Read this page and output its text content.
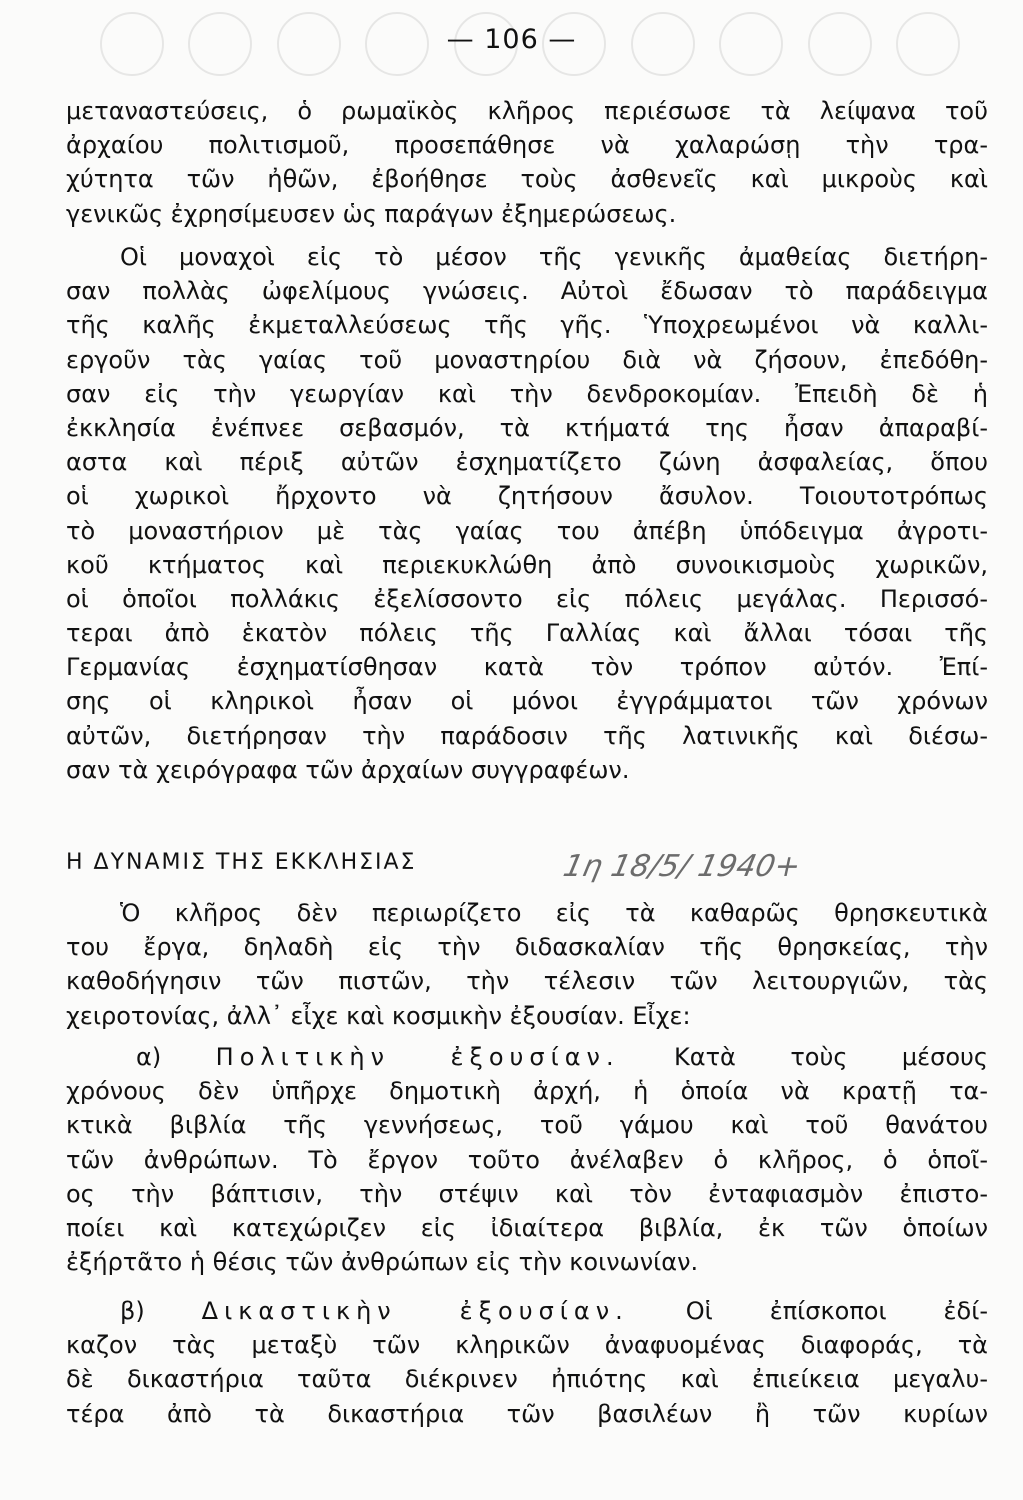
— 106 —
μεταναστεύσεις, ὁ ρωμαϊκὸς κλῆρος περιέσωσε τὰ λείψανα τοῦ
ἀρχαίου πολιτισμοῦ, προσεπάθησε νὰ χαλαρώσῃ τὴν τρα-
χύτητα τῶν ἠθῶν, ἐβοήθησε τοὺς ἀσθενεῖς καὶ μικροὺς καὶ
γενικῶς ἐχρησίμευσεν ὡς παράγων ἐξημερώσεως.
Οἱ μοναχοὶ εἰς τὸ μέσον τῆς γενικῆς ἀμαθείας διετήρη-
σαν πολλὰς ὠφελίμους γνώσεις. Αὐτοὶ ἔδωσαν τὸ παράδειγμα
τῆς καλῆς ἐκμεταλλεύσεως τῆς γῆς. Ὑποχρεωμένοι νὰ καλλι-
εργοῦν τὰς γαίας τοῦ μοναστηρίου διὰ νὰ ζήσουν, ἐπεδόθη-
σαν εἰς τὴν γεωργίαν καὶ τὴν δενδροκομίαν. Ἐπειδὴ δὲ ἡ
ἐκκλησία ἐνέπνεε σεβασμόν, τὰ κτήματά της ἦσαν ἀπαραβί-
αστα καὶ πέριξ αὐτῶν ἐσχηματίζετο ζώνη ἀσφαλείας, ὅπου
οἱ χωρικοὶ ἤρχοντο νὰ ζητήσουν ἄσυλον. Τοιουτοτρόπως
τὸ μοναστήριον μὲ τὰς γαίας του ἀπέβη ὑπόδειγμα ἀγροτι-
κοῦ κτήματος καὶ περιεκυκλώθη ἀπὸ συνοικισμοὺς χωρικῶν,
οἱ ὁποῖοι πολλάκις ἐξελίσσοντο εἰς πόλεις μεγάλας. Περισσό-
τεραι ἀπὸ ἑκατὸν πόλεις τῆς Γαλλίας καὶ ἄλλαι τόσαι τῆς
Γερμανίας ἐσχηματίσθησαν κατὰ τὸν τρόπον αὐτόν. Ἐπί-
σης οἱ κληρικοὶ ἦσαν οἱ μόνοι ἐγγράμματοι τῶν χρόνων
αὐτῶν, διετήρησαν τὴν παράδοσιν τῆς λατινικῆς καὶ διέσω-
σαν τὰ χειρόγραφα τῶν ἀρχαίων συγγραφέων.
Η ΔΥΝΑΜΙΣ ΤΗΣ ΕΚΚΛΗΣΙΑΣ	1η 18/5/ 1940+
Ὁ κλῆρος δὲν περιωρίζετο εἰς τὰ καθαρῶς θρησκευτικὰ
του ἔργα, δηλαδὴ εἰς τὴν διδασκαλίαν τῆς θρησκείας, τὴν
καθοδήγησιν τῶν πιστῶν, τὴν τέλεσιν τῶν λειτουργιῶν, τὰς
χειροτονίας, ἀλλ᾿ εἶχε καὶ κοσμικὴν ἐξουσίαν. Εἶχε:
α) Πολιτικὴν ἐξουσίαν. Κατὰ τοὺς μέσους
χρόνους δὲν ὑπῆρχε δημοτικὴ ἀρχή, ἡ ὁποία νὰ κρατῇ τα-
κτικὰ βιβλία τῆς γεννήσεως, τοῦ γάμου καὶ τοῦ θανάτου
τῶν ἀνθρώπων. Τὸ ἔργον τοῦτο ἀνέλαβεν ὁ κλῆρος, ὁ ὁποῖ-
ος τὴν βάπτισιν, τὴν στέψιν καὶ τὸν ἐνταφιασμὸν ἐπιστο-
ποίει καὶ κατεχώριζεν εἰς ἰδιαίτερα βιβλία, ἐκ τῶν ὁποίων
ἐξήρτᾶτο ἡ θέσις τῶν ἀνθρώπων εἰς τὴν κοινωνίαν.
β) Δικαστικὴν ἐξουσίαν. Οἱ ἐπίσκοποι ἐδί-
καζον τὰς μεταξὺ τῶν κληρικῶν ἀναφυομένας διαφοράς, τὰ
δὲ δικαστήρια ταῦτα διέκρινεν ἠπιότης καὶ ἐπιείκεια μεγαλυ-
τέρα ἀπὸ τὰ δικαστήρια τῶν βασιλέων ἢ τῶν κυρίων
